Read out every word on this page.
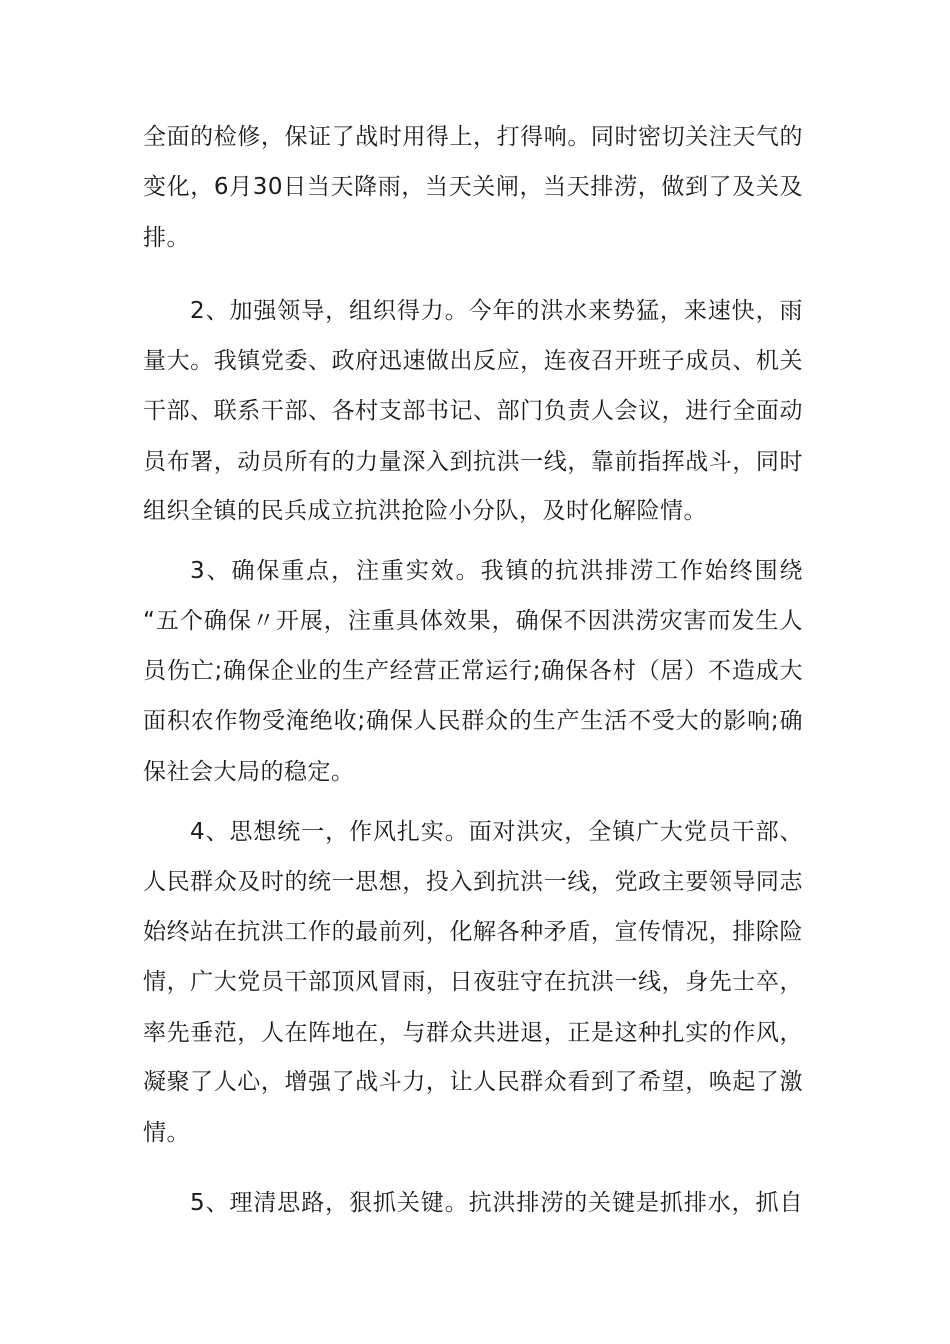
全面的检修，保证了战时用得上，打得响。同时密切关注天气的
变化，6月30日当天降雨，当天关闸，当天排涝，做到了及关及
排。
2、加强领导，组织得力。今年的洪水来势猛，来速快，雨
量大。我镇党委、政府迅速做出反应，连夜召开班子成员、机关
干部、联系干部、各村支部书记、部门负责人会议，进行全面动
员布署，动员所有的力量深入到抗洪一线，靠前指挥战斗，同时
组织全镇的民兵成立抗洪抢险小分队，及时化解险情。
3、确保重点，注重实效。我镇的抗洪排涝工作始终围绕
“五个确保〃开展，注重具体效果，确保不因洪涝灾害而发生人
员伤亡;确保企业的生产经营正常运行;确保各村（居）不造成大
面积农作物受淹绝收;确保人民群众的生产生活不受大的影响;确
保社会大局的稳定。
4、思想统一，作风扎实。面对洪灾，全镇广大党员干部、
人民群众及时的统一思想，投入到抗洪一线，党政主要领导同志
始终站在抗洪工作的最前列，化解各种矛盾，宣传情况，排除险
情，广大党员干部顶风冒雨，日夜驻守在抗洪一线，身先士卒，
率先垂范，人在阵地在，与群众共进退，正是这种扎实的作风，
凝聚了人心，增强了战斗力，让人民群众看到了希望，唤起了激
情。
5、理清思路，狠抓关键。抗洪排涝的关键是抓排水，抓自
